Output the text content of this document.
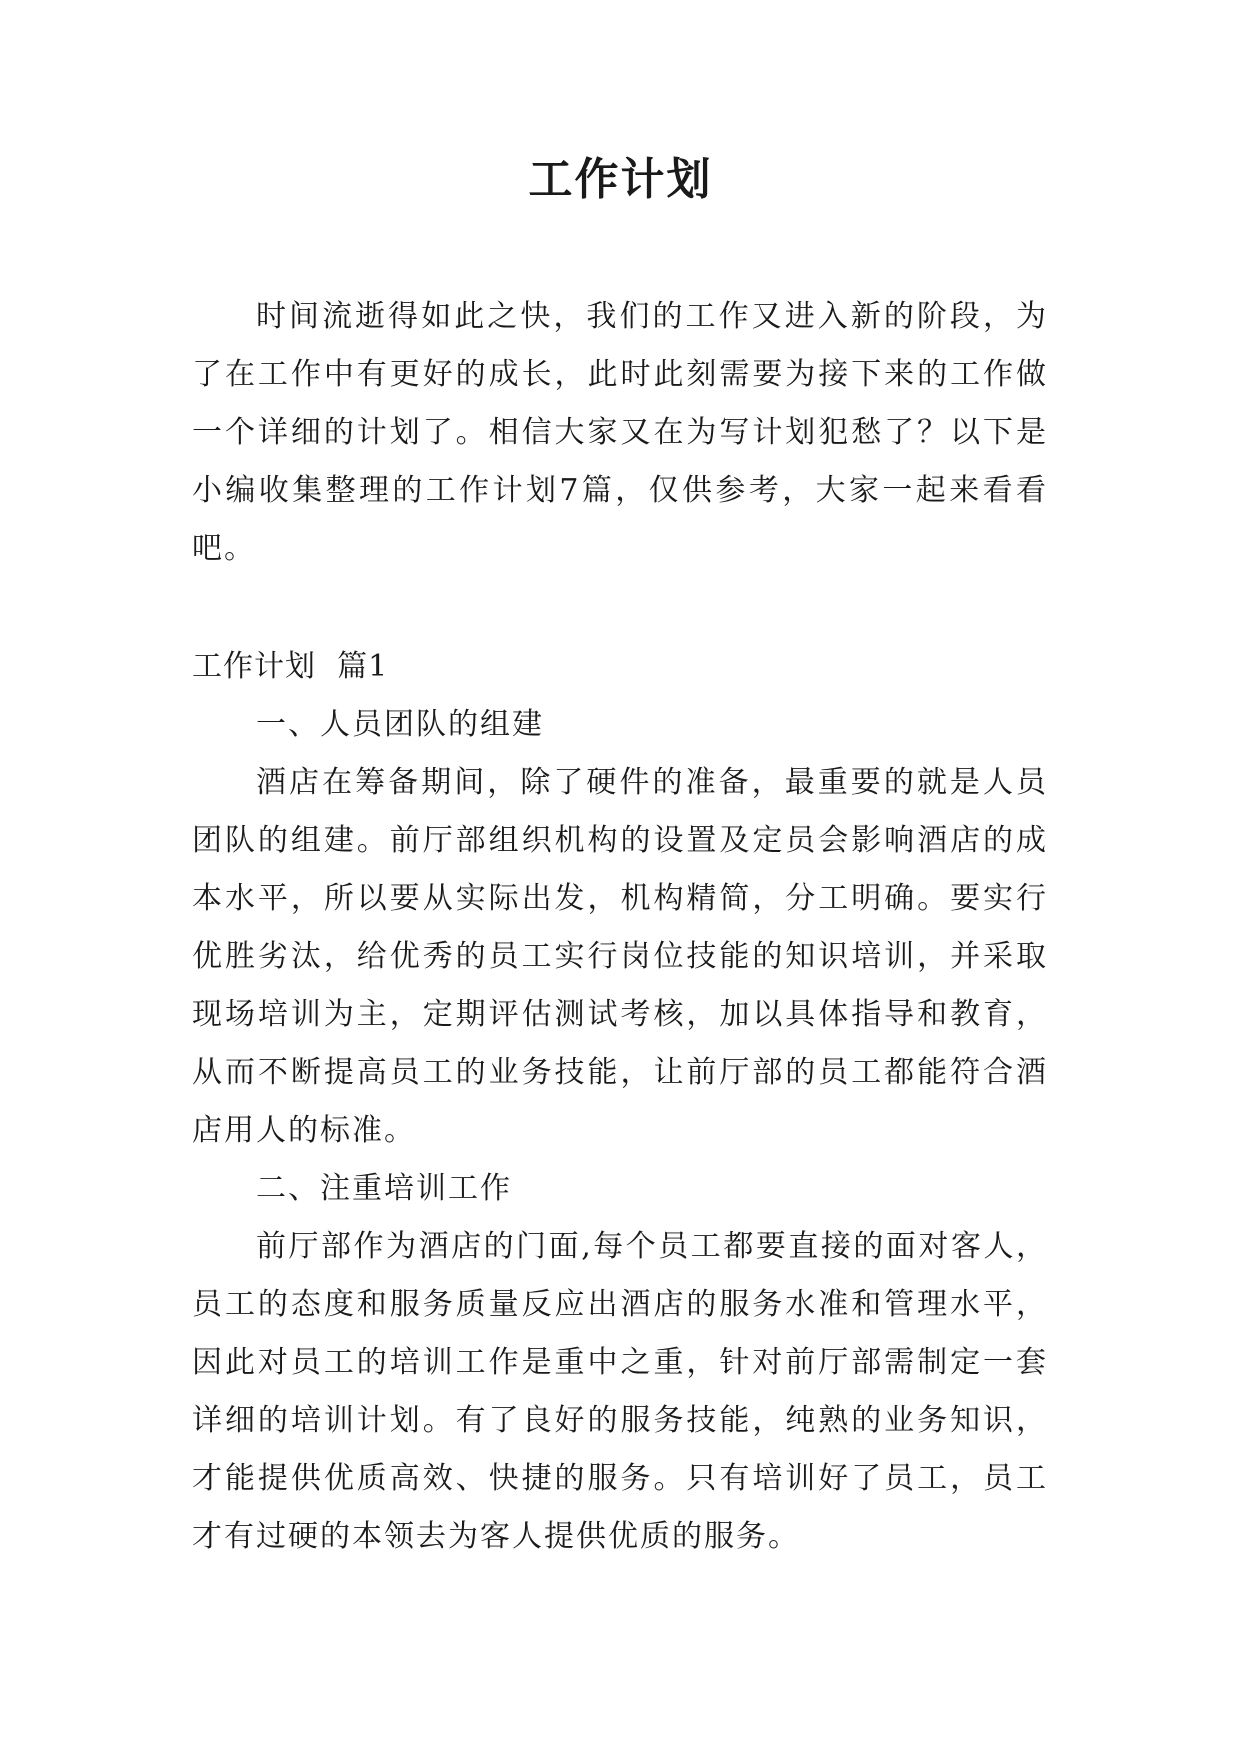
工作计划

时间流逝得如此之快，我们的工作又进入新的阶段，为了在工作中有更好的成长，此时此刻需要为接下来的工作做一个详细的计划了。相信大家又在为写计划犯愁了？以下是小编收集整理的工作计划7篇，仅供参考，大家一起来看看吧。

工作计划  篇1

一、人员团队的组建

酒店在筹备期间，除了硬件的准备，最重要的就是人员团队的组建。前厅部组织机构的设置及定员会影响酒店的成本水平，所以要从实际出发，机构精简，分工明确。要实行优胜劣汰，给优秀的员工实行岗位技能的知识培训，并采取现场培训为主，定期评估测试考核，加以具体指导和教育，从而不断提高员工的业务技能，让前厅部的员工都能符合酒店用人的标准。

二、注重培训工作

前厅部作为酒店的门面,每个员工都要直接的面对客人，员工的态度和服务质量反应出酒店的服务水准和管理水平，因此对员工的培训工作是重中之重，针对前厅部需制定一套详细的培训计划。有了良好的服务技能，纯熟的业务知识，才能提供优质高效、快捷的服务。只有培训好了员工，员工才有过硬的本领去为客人提供优质的服务。
